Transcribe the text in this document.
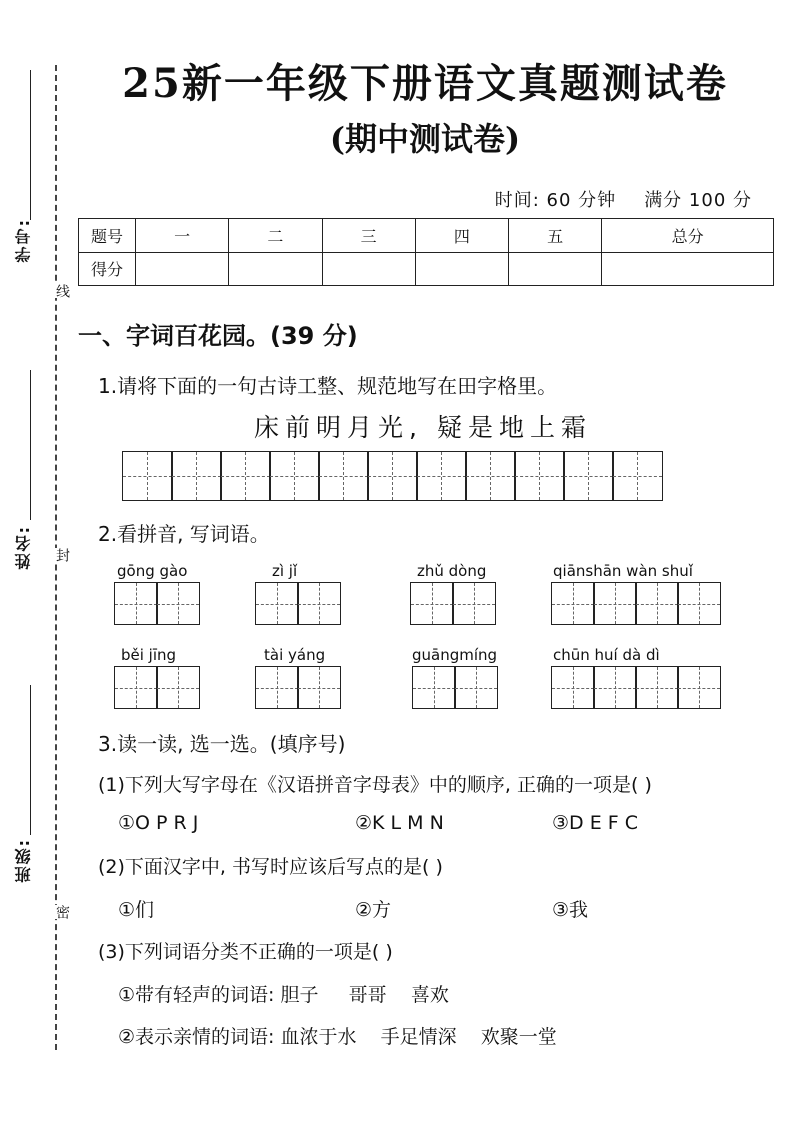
学号:
线
姓名: 封
班级:
密
25新一年级下册语文真题测试卷
(期中测试卷)
时间: 60 分钟 满分 100 分
题号	一	二	三	四	五	总分
得分						
一、字词百花园。(39 分)
1.请将下面的一句古诗工整、规范地写在田字格里。
床前明月光, 疑是地上霜
2.看拼音, 写词语。
gōng gào	zì jǐ	zhǔ dòng	qiānshān wàn shuǐ
běi jīng	tài yáng	guāngmíng	chūn huí dà dì
3.读一读, 选一选。(填序号)
(1)下列大写字母在《汉语拼音字母表》中的顺序, 正确的一项是( )
①O P R J	②K L M N	③D E F C
(2)下面汉字中, 书写时应该后写点的是( )
①们	②方	③我
(3)下列词语分类不正确的一项是( )
①带有轻声的词语: 胆子     哥哥    喜欢
②表示亲情的词语: 血浓于水    手足情深    欢聚一堂
